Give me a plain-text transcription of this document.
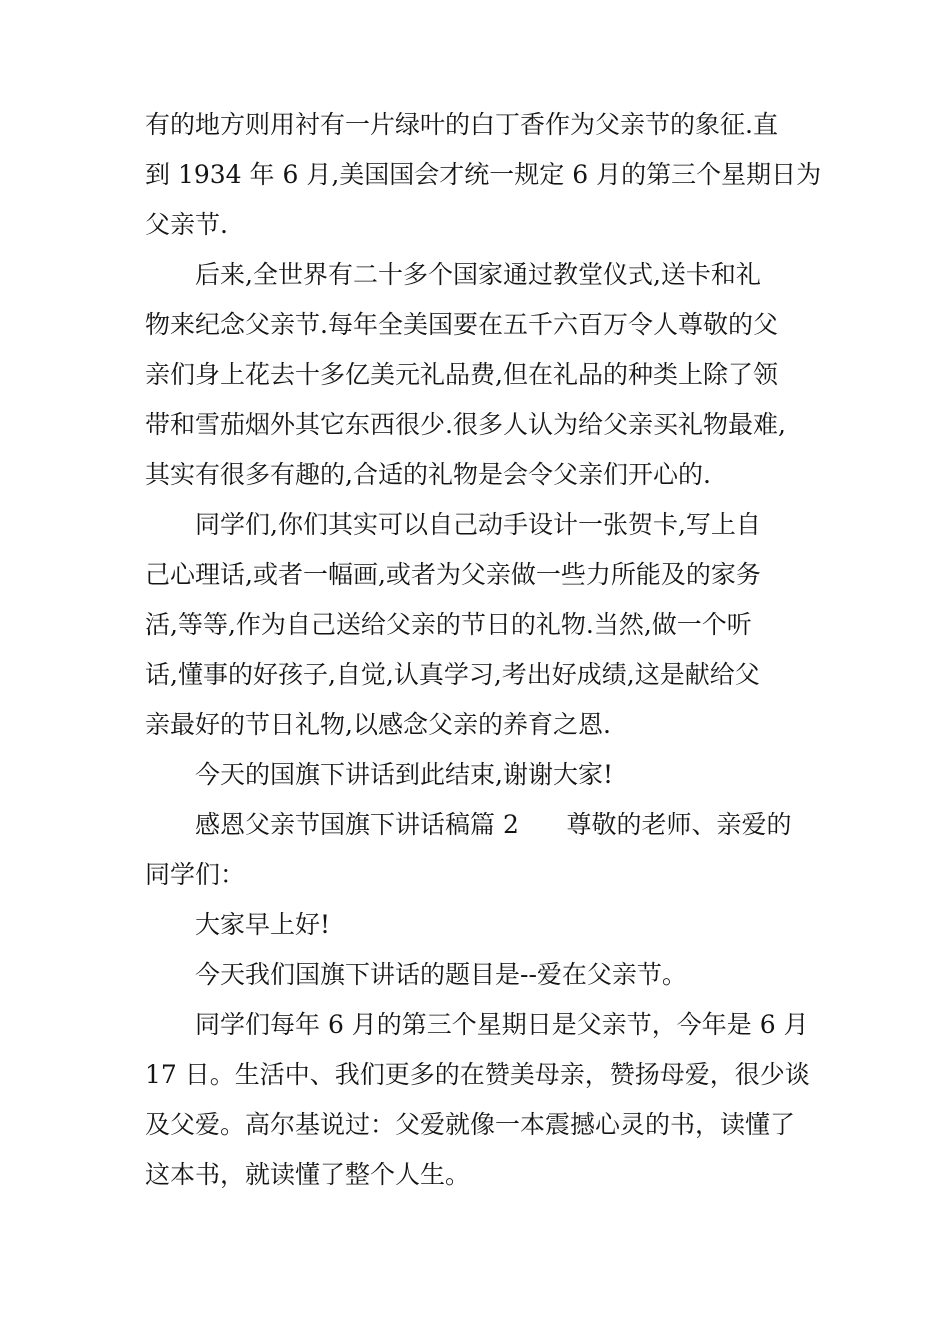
有的地方则用衬有一片绿叶的白丁香作为父亲节的象征.直
到 1934 年 6 月,美国国会才统一规定 6 月的第三个星期日为
父亲节.
后来,全世界有二十多个国家通过教堂仪式,送卡和礼
物来纪念父亲节.每年全美国要在五千六百万令人尊敬的父
亲们身上花去十多亿美元礼品费,但在礼品的种类上除了领
带和雪茄烟外其它东西很少.很多人认为给父亲买礼物最难,
其实有很多有趣的,合适的礼物是会令父亲们开心的.
同学们,你们其实可以自己动手设计一张贺卡,写上自
己心理话,或者一幅画,或者为父亲做一些力所能及的家务
活,等等,作为自己送给父亲的节日的礼物.当然,做一个听
话,懂事的好孩子,自觉,认真学习,考出好成绩,这是献给父
亲最好的节日礼物,以感念父亲的养育之恩.
今天的国旗下讲话到此结束,谢谢大家!
感恩父亲节国旗下讲话稿篇 2      尊敬的老师、亲爱的
同学们：
大家早上好!
今天我们国旗下讲话的题目是--爱在父亲节。
同学们每年 6 月的第三个星期日是父亲节，今年是 6 月
17 日。生活中、我们更多的在赞美母亲，赞扬母爱，很少谈
及父爱。高尔基说过：父爱就像一本震撼心灵的书，读懂了
这本书，就读懂了整个人生。
